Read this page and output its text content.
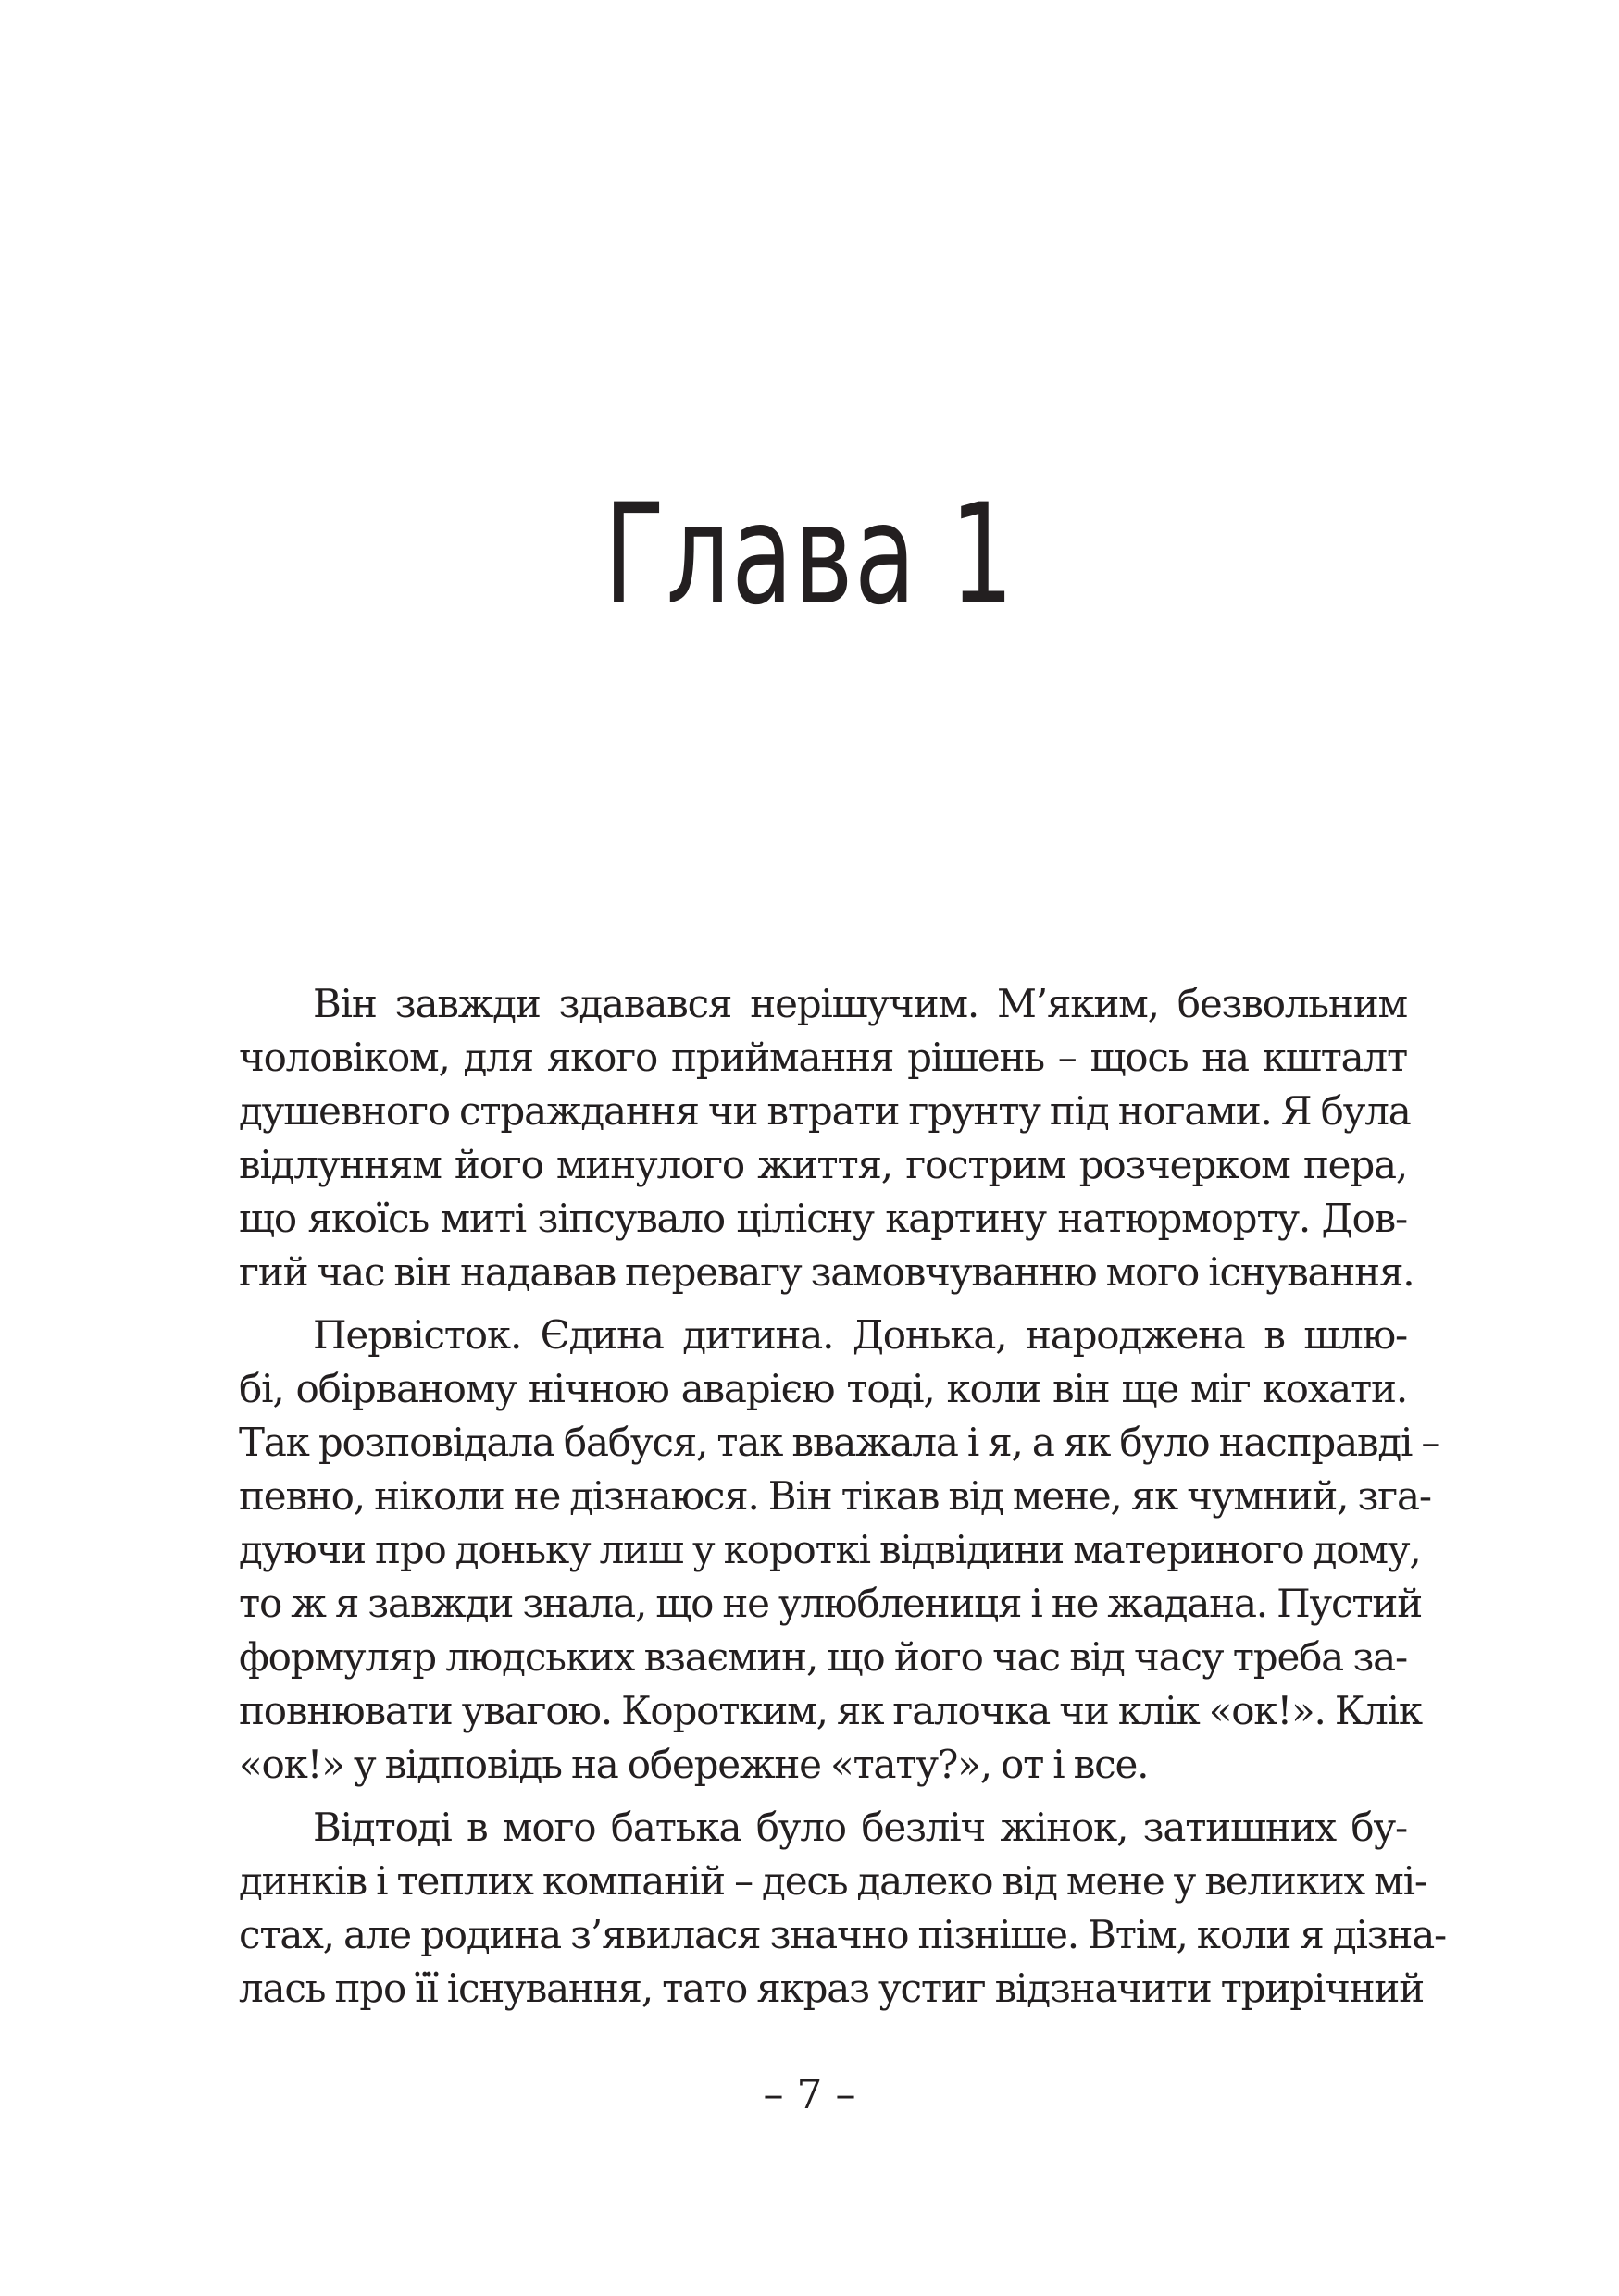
Глава 1
Він завжди здавався нерішучим. М’яким, безвольним
чоловіком, для якого приймання рішень – щось на кшталт
душевного страждання чи втрати грунту під ногами. Я була
відлунням його минулого життя, гострим розчерком пера,
що якоїсь миті зіпсувало цілісну картину натюрморту. Дов-
гий час він надавав перевагу замовчуванню мого існування.
Первісток. Єдина дитина. Донька, народжена в шлю-
бі, обірваному нічною аварією тоді, коли він ще міг кохати.
Так розповідала бабуся, так вважала і я, а як було насправді –
певно, ніколи не дізнаюся. Він тікав від мене, як чумний, зга-
дуючи про доньку лиш у короткі відвідини материного дому,
то ж я завжди знала, що не улюблениця і не жадана. Пустий
формуляр людських взаємин, що його час від часу треба за-
повнювати увагою. Коротким, як галочка чи клік «ок!». Клік
«ок!» у відповідь на обережне «тату?», от і все.
Відтоді в мого батька було безліч жінок, затишних бу-
динків і теплих компаній – десь далеко від мене у великих мі-
стах, але родина з’явилася значно пізніше. Втім, коли я дізна-
лась про її існування, тато якраз устиг відзначити трирічний
– 7 –
